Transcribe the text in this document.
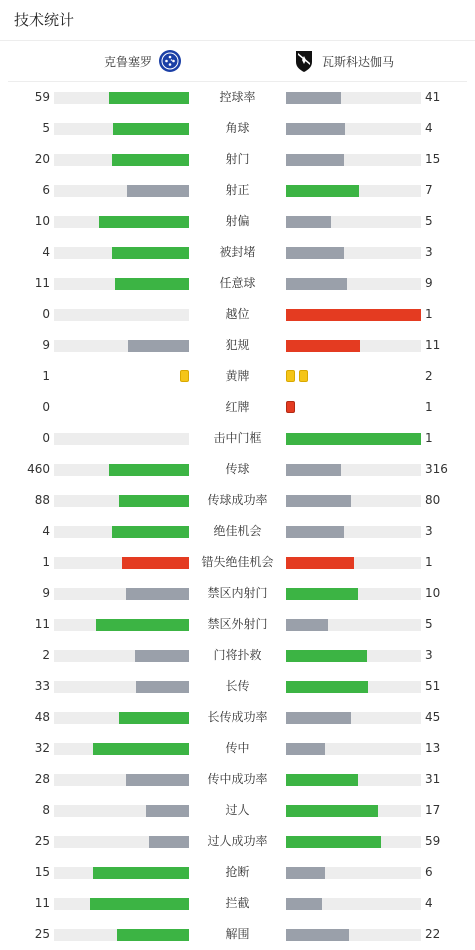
技术统计
克鲁塞罗	瓦斯科达伽马
59	控球率	41
5	角球	4
20	射门	15
6	射正	7
10	射偏	5
4	被封堵	3
11	任意球	9
0	越位	1
9	犯规	11
1	黄牌	2
0	红牌	1
0	击中门框	1
460	传球	316
88	传球成功率	80
4	绝佳机会	3
1	错失绝佳机会	1
9	禁区内射门	10
11	禁区外射门	5
2	门将扑救	3
33	长传	51
48	长传成功率	45
32	传中	13
28	传中成功率	31
8	过人	17
25	过人成功率	59
15	抢断	6
11	拦截	4
25	解围	22
